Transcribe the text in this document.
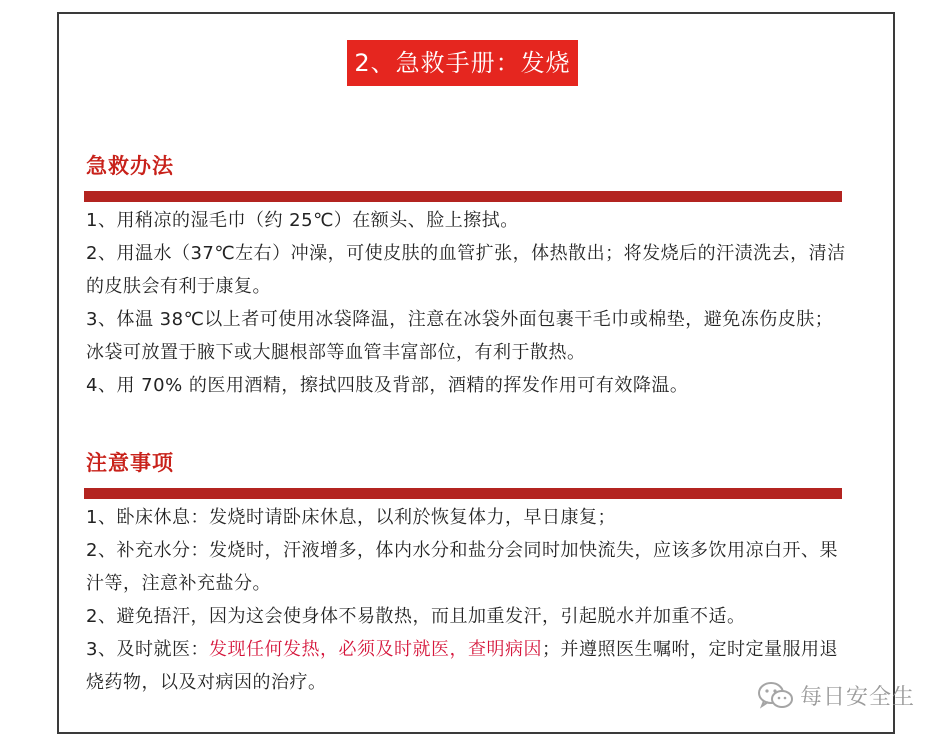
2、急救手册：发烧
急救办法

1、用稍凉的湿毛巾（约 25℃）在额头、脸上擦拭。

2、用温水（37℃左右）冲澡，可使皮肤的血管扩张，体热散出；将发烧后的汗渍洗去，清洁的皮肤会有利于康复。

3、体温 38℃以上者可使用冰袋降温，注意在冰袋外面包裹干毛巾或棉垫，避免冻伤皮肤；冰袋可放置于腋下或大腿根部等血管丰富部位，有利于散热。

4、用 70% 的医用酒精，擦拭四肢及背部，酒精的挥发作用可有效降温。

注意事项

1、卧床休息：发烧时请卧床休息，以利於恢复体力，早日康复；

2、补充水分：发烧时，汗液增多，体内水分和盐分会同时加快流失，应该多饮用凉白开、果汁等，注意补充盐分。

2、避免捂汗，因为这会使身体不易散热，而且加重发汗，引起脱水并加重不适。

3、及时就医：发现任何发热，必须及时就医，查明病因；并遵照医生嘱咐，定时定量服用退烧药物，以及对病因的治疗。

每日安全生
